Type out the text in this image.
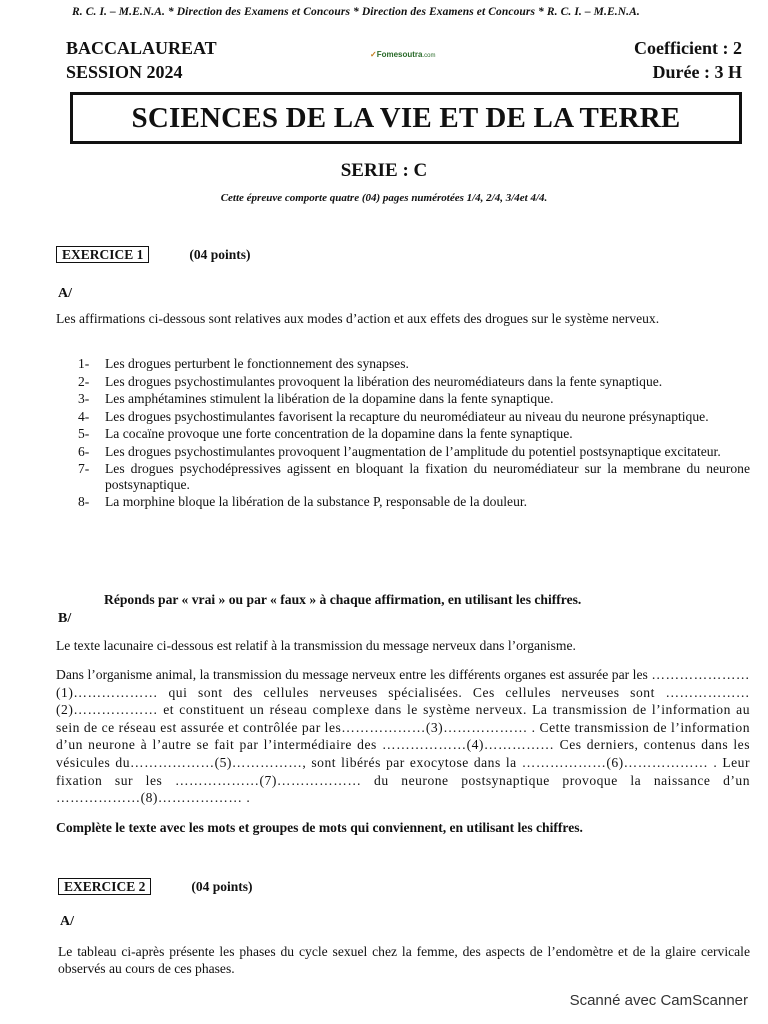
R. C. I. – M.E.N.A. * Direction des Examens et Concours * Direction des Examens et Concours * R. C. I. – M.E.N.A.
BACCALAUREAT
SESSION 2024
✓Fomesoutra.com	Coefficient : 2
Durée : 3 H
SCIENCES DE LA VIE ET DE LA TERRE
SERIE : C
Cette épreuve comporte quatre (04) pages numérotées 1/4, 2/4, 3/4et 4/4.
EXERCICE 1	(04 points)
A/
Les affirmations ci-dessous sont relatives aux modes d’action et aux effets des drogues sur le système nerveux.
1- Les drogues perturbent le fonctionnement des synapses.
2- Les drogues psychostimulantes provoquent la libération des neuromédiateurs dans la fente synaptique.
3- Les amphétamines stimulent la libération de la dopamine dans la fente synaptique.
4- Les drogues psychostimulantes favorisent la recapture du neuromédiateur au niveau du neurone présynaptique.
5- La cocaïne provoque une forte concentration de la dopamine dans la fente synaptique.
6- Les drogues psychostimulantes provoquent l’augmentation de l’amplitude du potentiel postsynaptique excitateur.
7- Les drogues psychodépressives agissent en bloquant la fixation du neuromédiateur sur la membrane du neurone postsynaptique.
8- La morphine bloque la libération de la substance P, responsable de la douleur.
Réponds par « vrai » ou par « faux » à chaque affirmation, en utilisant les chiffres.
B/
Le texte lacunaire ci-dessous est relatif à la transmission du message nerveux dans l’organisme.
Dans l’organisme animal, la transmission du message nerveux entre les différents organes est assurée par les …………………(1)……………… qui sont des cellules nerveuses spécialisées. Ces cellules nerveuses sont ………………(2)……………… et constituent un réseau complexe dans le système nerveux. La transmission de l’information au sein de ce réseau est assurée et contrôlée par les………………(3)……………… . Cette transmission de l’information d’un neurone à l’autre se fait par l’intermédiaire des ………………(4)…………… Ces derniers, contenus dans les vésicules du………………(5)……………, sont libérés par exocytose dans la ………………(6)……………… . Leur fixation sur les ………………(7)……………… du neurone postsynaptique provoque la naissance d’un ………………(8)……………… .
Complète le texte avec les mots et groupes de mots qui conviennent, en utilisant les chiffres.
EXERCICE 2	(04 points)
A/
Le tableau ci-après présente les phases du cycle sexuel chez la femme, des aspects de l’endomètre et de la glaire cervicale observés au cours de ces phases.
Scanné avec CamScanner
